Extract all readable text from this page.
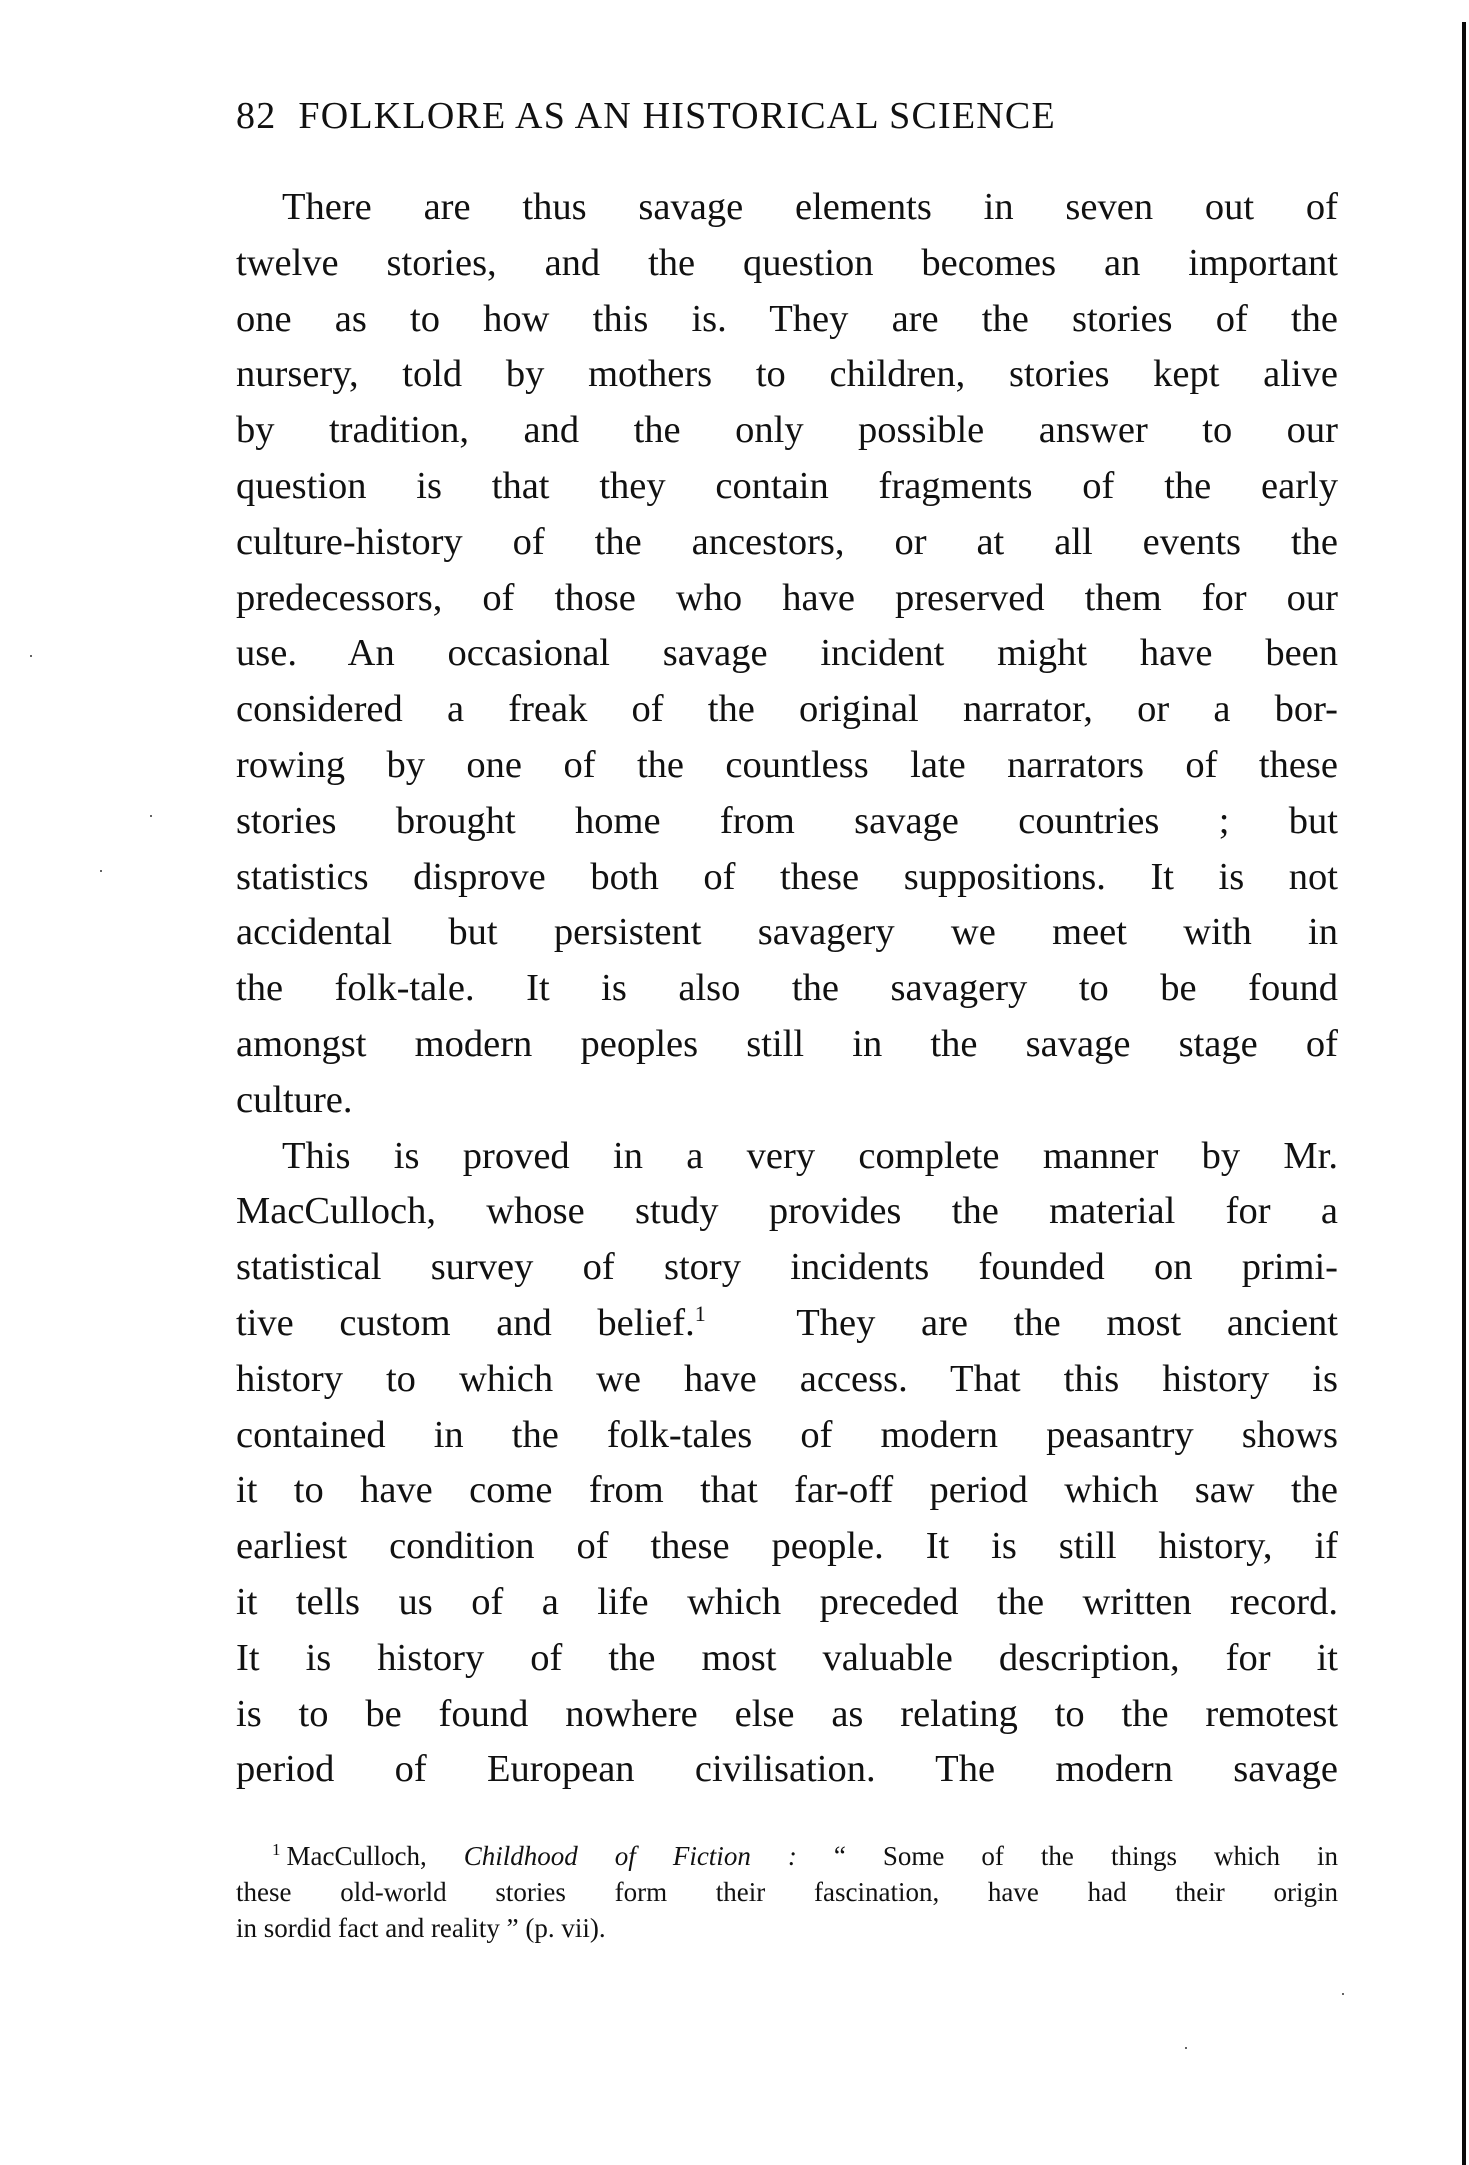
82 FOLKLORE AS AN HISTORICAL SCIENCE
There are thus savage elements in seven out of
twelve stories, and the question becomes an important
one as to how this is. They are the stories of the
nursery, told by mothers to children, stories kept alive
by tradition, and the only possible answer to our
question is that they contain fragments of the early
culture-history of the ancestors, or at all events the
predecessors, of those who have preserved them for our
use. An occasional savage incident might have been
considered a freak of the original narrator, or a bor-
rowing by one of the countless late narrators of these
stories brought home from savage countries ; but
statistics disprove both of these suppositions. It is not
accidental but persistent savagery we meet with in
the folk-tale. It is also the savagery to be found
amongst modern peoples still in the savage stage of
culture.
This is proved in a very complete manner by Mr.
MacCulloch, whose study provides the material for a
statistical survey of story incidents founded on primi-
tive custom and belief.$^1$ They are the most ancient
history to which we have access. That this history is
contained in the folk-tales of modern peasantry shows
it to have come from that far-off period which saw the
earliest condition of these people. It is still history, if
it tells us of a life which preceded the written record.
It is history of the most valuable description, for it
is to be found nowhere else as relating to the remotest
period of European civilisation. The modern savage
$^1$ MacCulloch, Childhood of Fiction : “ Some of the things which in
these old-world stories form their fascination, have had their origin
in sordid fact and reality ” (p. vii).
